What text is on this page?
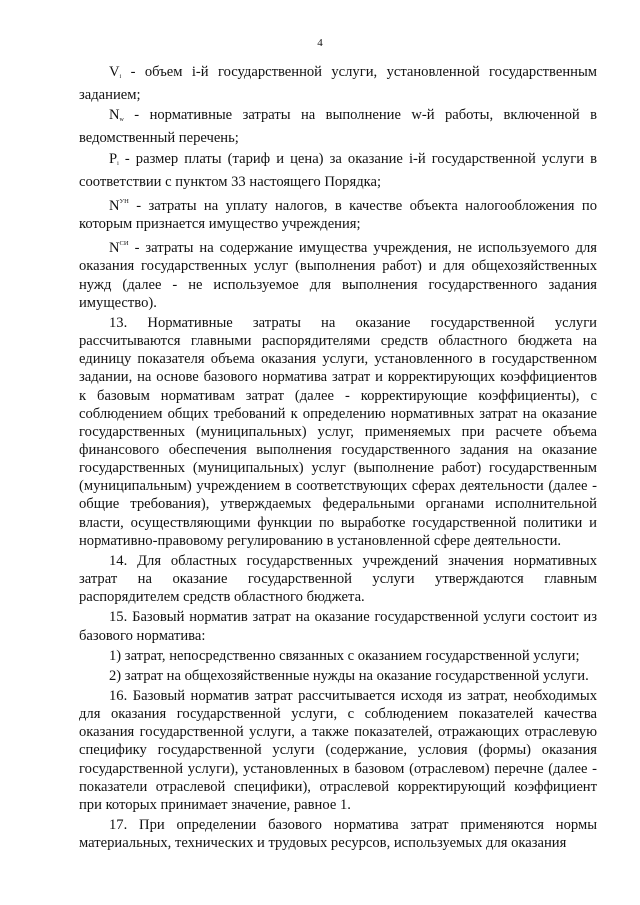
4

$V_i$ - объем i-й государственной услуги, установленной государственным заданием;

$N_w$ - нормативные затраты на выполнение w-й работы, включенной в ведомственный перечень;

$P_i$ - размер платы (тариф и цена) за оказание i-й государственной услуги в соответствии с пунктом 33 настоящего Порядка;

$N^{УН}$ - затраты на уплату налогов, в качестве объекта налогообложения по которым признается имущество учреждения;

$N^{СИ}$ - затраты на содержание имущества учреждения, не используемого для оказания государственных услуг (выполнения работ) и для общехозяйственных нужд (далее - не используемое для выполнения государственного задания имущество).

13. Нормативные затраты на оказание государственной услуги рассчитываются главными распорядителями средств областного бюджета на единицу показателя объема оказания услуги, установленного в государственном задании, на основе базового норматива затрат и корректирующих коэффициентов к базовым нормативам затрат (далее - корректирующие коэффициенты), с соблюдением общих требований к определению нормативных затрат на оказание государственных (муниципальных) услуг, применяемых при расчете объема финансового обеспечения выполнения государственного задания на оказание государственных (муниципальных) услуг (выполнение работ) государственным (муниципальным) учреждением в соответствующих сферах деятельности (далее - общие требования), утверждаемых федеральными органами исполнительной власти, осуществляющими функции по выработке государственной политики и нормативно-правовому регулированию в установленной сфере деятельности.

14. Для областных государственных учреждений значения нормативных затрат на оказание государственной услуги утверждаются главным распорядителем средств областного бюджета.

15. Базовый норматив затрат на оказание государственной услуги состоит из базового норматива:

1) затрат, непосредственно связанных с оказанием государственной услуги;

2) затрат на общехозяйственные нужды на оказание государственной услуги.

16. Базовый норматив затрат рассчитывается исходя из затрат, необходимых для оказания государственной услуги, с соблюдением показателей качества оказания государственной услуги, а также показателей, отражающих отраслевую специфику государственной услуги (содержание, условия (формы) оказания государственной услуги), установленных в базовом (отраслевом) перечне (далее - показатели отраслевой специфики), отраслевой корректирующий коэффициент при которых принимает значение, равное 1.

17. При определении базового норматива затрат применяются нормы материальных, технических и трудовых ресурсов, используемых для оказания
